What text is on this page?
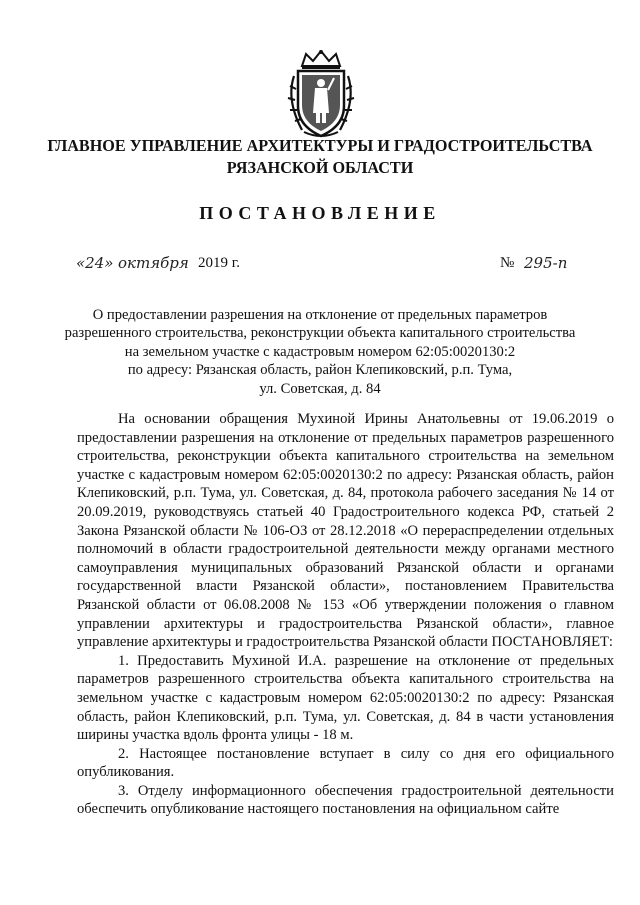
ГЛАВНОЕ УПРАВЛЕНИЕ АРХИТЕКТУРЫ И ГРАДОСТРОИТЕЛЬСТВА
РЯЗАНСКОЙ ОБЛАСТИ
ПОСТАНОВЛЕНИЕ
«24» октября 2019 г.	№ 295-п
О предоставлении разрешения на отклонение от предельных параметров
разрешенного строительства, реконструкции объекта капитального строительства
на земельном участке с кадастровым номером 62:05:0020130:2
по адресу: Рязанская область, район Клепиковский, р.п. Тума,
ул. Советская, д. 84

На основании обращения Мухиной Ирины Анатольевны от 19.06.2019 о предоставлении разрешения на отклонение от предельных параметров разрешенного строительства, реконструкции объекта капитального строительства на земельном участке с кадастровым номером 62:05:0020130:2 по адресу: Рязанская область, район Клепиковский, р.п. Тума, ул. Советская, д. 84, протокола рабочего заседания № 14 от 20.09.2019, руководствуясь статьей 40 Градостроительного кодекса РФ, статьей 2 Закона Рязанской области № 106-ОЗ от 28.12.2018 «О перераспределении отдельных полномочий в области градостроительной деятельности между органами местного самоуправления муниципальных образований Рязанской области и органами государственной власти Рязанской области», постановлением Правительства Рязанской области от 06.08.2008 № 153 «Об утверждении положения о главном управлении архитектуры и градостроительства Рязанской области», главное управление архитектуры и градостроительства Рязанской области ПОСТАНОВЛЯЕТ:

1. Предоставить Мухиной И.А. разрешение на отклонение от предельных параметров разрешенного строительства объекта капитального строительства на земельном участке с кадастровым номером 62:05:0020130:2 по адресу: Рязанская область, район Клепиковский, р.п. Тума, ул. Советская, д. 84 в части установления ширины участка вдоль фронта улицы - 18 м.

2. Настоящее постановление вступает в силу со дня его официального опубликования.

3. Отделу информационного обеспечения градостроительной деятельности обеспечить опубликование настоящего постановления на официальном сайте
